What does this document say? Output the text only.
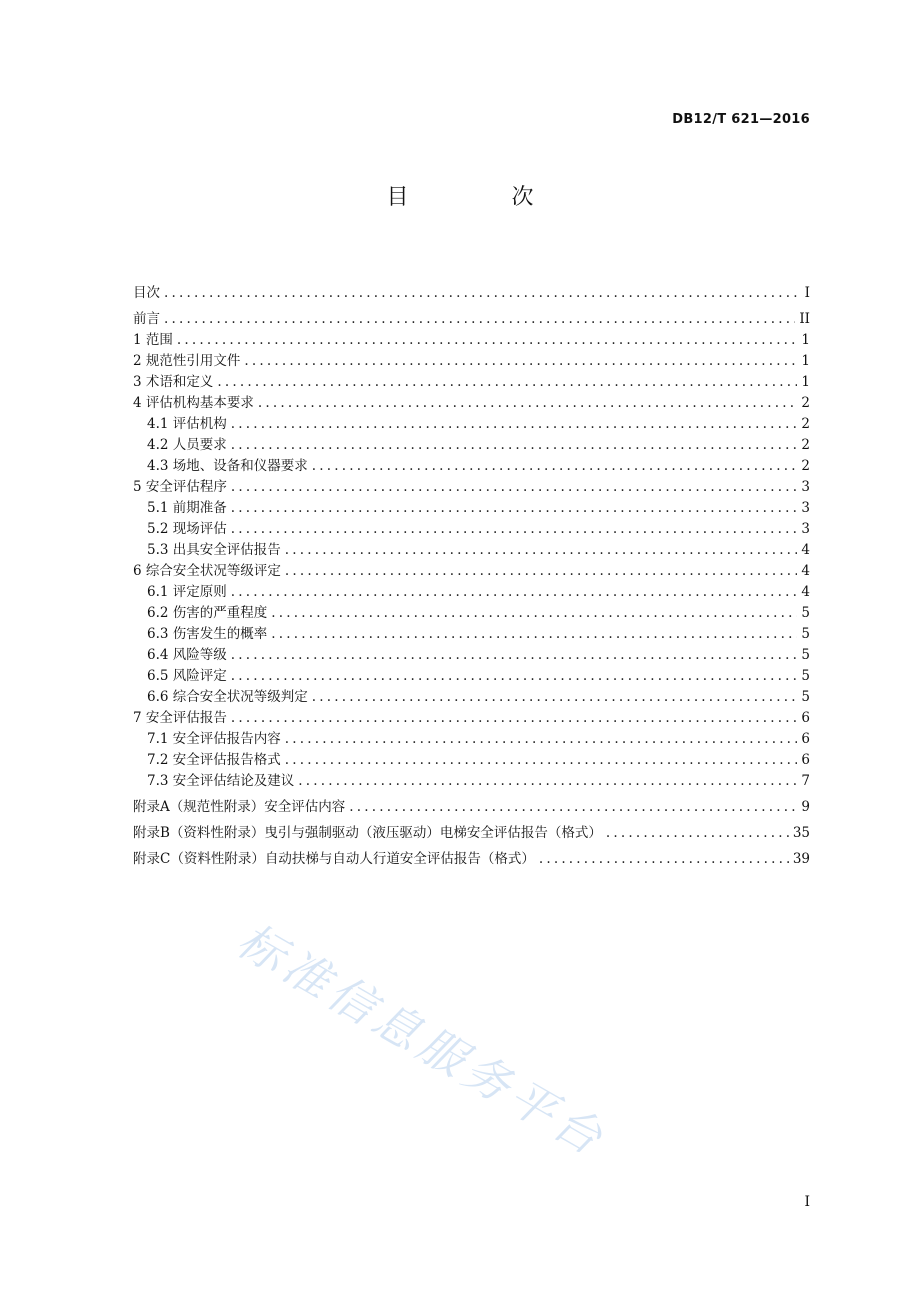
DB12/T 621—2016
目 次
目次 .....	I
前言 .....	II
1 范围 .....	1
2 规范性引用文件 .....	1
3 术语和定义 .....	1
4 评估机构基本要求 .....	2
4.1 评估机构 .....	2
4.2 人员要求 .....	2
4.3 场地、设备和仪器要求 .....	2
5 安全评估程序 .....	3
5.1 前期准备 .....	3
5.2 现场评估 .....	3
5.3 出具安全评估报告 .....	4
6 综合安全状况等级评定 .....	4
6.1 评定原则 .....	4
6.2 伤害的严重程度 .....	5
6.3 伤害发生的概率 .....	5
6.4 风险等级 .....	5
6.5 风险评定 .....	5
6.6 综合安全状况等级判定 .....	5
7 安全评估报告 .....	6
7.1 安全评估报告内容 .....	6
7.2 安全评估报告格式 .....	6
7.3 安全评估结论及建议 .....	7
附录A（规范性附录）安全评估内容 .....	9
附录B（资料性附录）曳引与强制驱动（液压驱动）电梯安全评估报告（格式） .....	35
附录C（资料性附录）自动扶梯与自动人行道安全评估报告（格式） .....	39
标准信息服务平台
I
